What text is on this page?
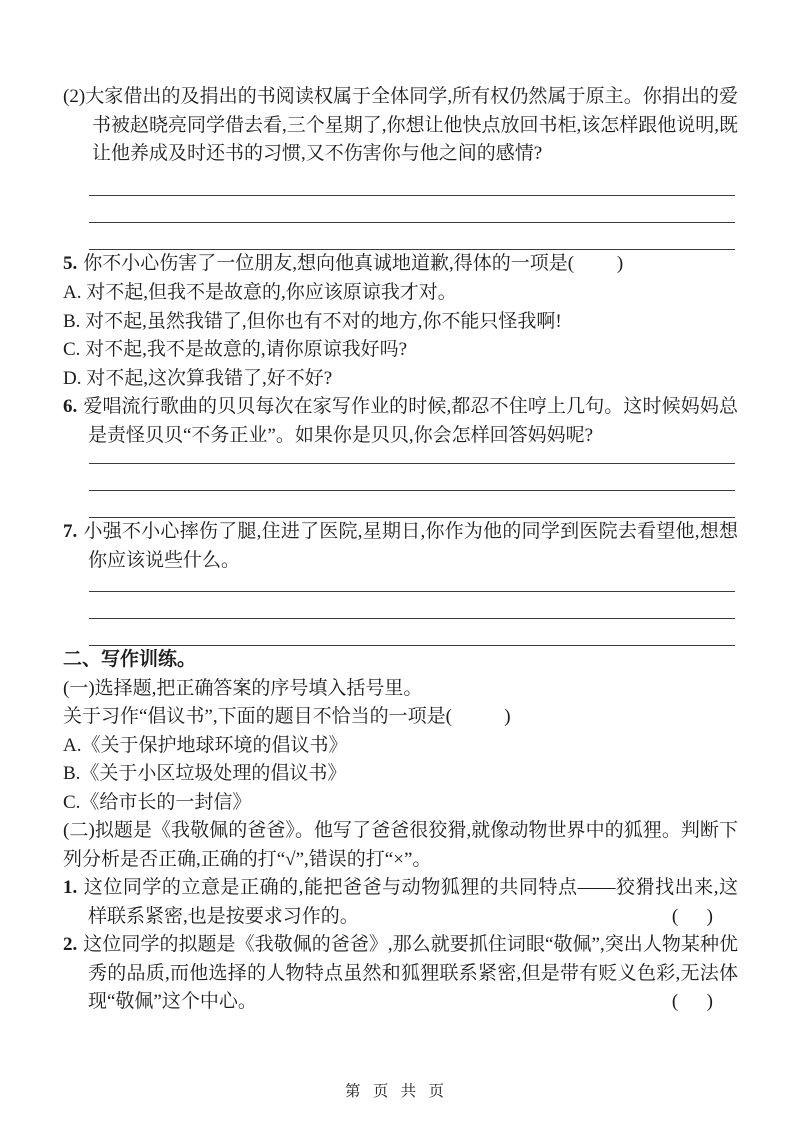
(2)大家借出的及捐出的书阅读权属于全体同学,所有权仍然属于原主。你捐出的爱书被赵晓亮同学借去看,三个星期了,你想让他快点放回书柜,该怎样跟他说明,既让他养成及时还书的习惯,又不伤害你与他之间的感情?

5. 你不小心伤害了一位朋友,想向他真诚地道歉,得体的一项是(         )

A. 对不起,但我不是故意的,你应该原谅我才对。

B. 对不起,虽然我错了,但你也有不对的地方,你不能只怪我啊!

C. 对不起,我不是故意的,请你原谅我好吗?

D. 对不起,这次算我错了,好不好?

6. 爱唱流行歌曲的贝贝每次在家写作业的时候,都忍不住哼上几句。这时候妈妈总是责怪贝贝“不务正业”。如果你是贝贝,你会怎样回答妈妈呢?

7. 小强不小心摔伤了腿,住进了医院,星期日,你作为他的同学到医院去看望他,想想你应该说些什么。

二、写作训练。

(一)选择题,把正确答案的序号填入括号里。

关于习作“倡议书”,下面的题目不恰当的一项是(           )

A.《关于保护地球环境的倡议书》

B.《关于小区垃圾处理的倡议书》

C.《给市长的一封信》

(二)拟题是《我敬佩的爸爸》。他写了爸爸很狡猾,就像动物世界中的狐狸。判断下列分析是否正确,正确的打“√”,错误的打“×”。

1. 这位同学的立意是正确的,能把爸爸与动物狐狸的共同特点——狡猾找出来,这样联系紧密,也是按要求习作的。	(      )

2. 这位同学的拟题是《我敬佩的爸爸》,那么就要抓住词眼“敬佩”,突出人物某种优秀的品质,而他选择的人物特点虽然和狐狸联系紧密,但是带有贬义色彩,无法体现“敬佩”这个中心。	(      )

第 页 共 页
